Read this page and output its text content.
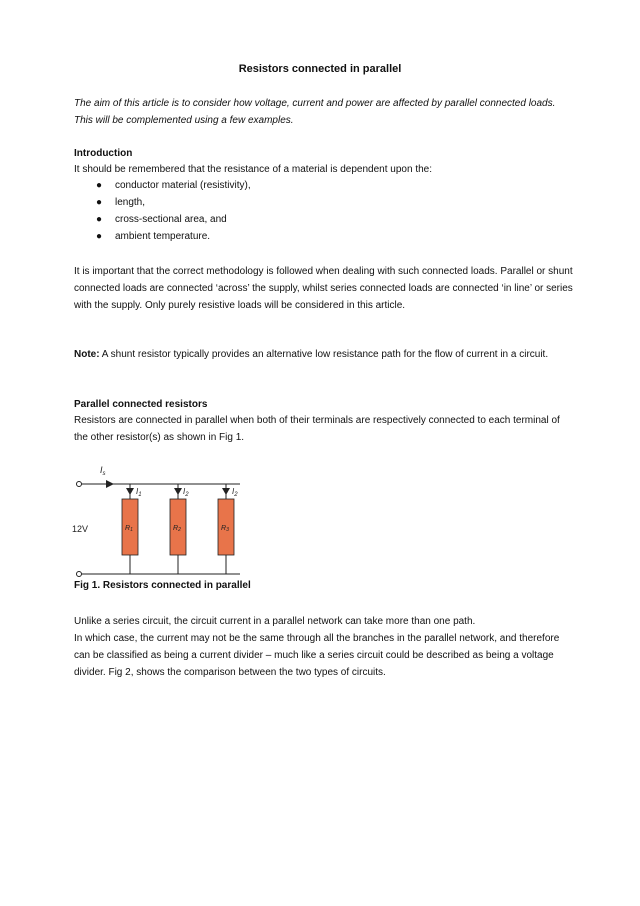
Resistors connected in parallel
The aim of this article is to consider how voltage, current and power are affected by parallel connected loads. This will be complemented using a few examples.
Introduction
It should be remembered that the resistance of a material is dependent upon the:
● conductor material (resistivity),
● length,
● cross-sectional area, and
● ambient temperature.
It is important that the correct methodology is followed when dealing with such connected loads. Parallel or shunt connected loads are connected ‘across’ the supply, whilst series connected loads are connected ‘in line’ or series with the supply. Only purely resistive loads will be considered in this article.
Note: A shunt resistor typically provides an alternative low resistance path for the flow of current in a circuit.
Parallel connected resistors
Resistors are connected in parallel when both of their terminals are respectively connected to each terminal of the other resistor(s) as shown in Fig 1.
12V
$I_s$
$I_1$
R1
$I_2$
R2
$I_2$
R3
Fig 1. Resistors connected in parallel
Unlike a series circuit, the circuit current in a parallel network can take more than one path.
In which case, the current may not be the same through all the branches in the parallel network, and therefore can be classified as being a current divider – much like a series circuit could be described as being a voltage divider. Fig 2, shows the comparison between the two types of circuits.
